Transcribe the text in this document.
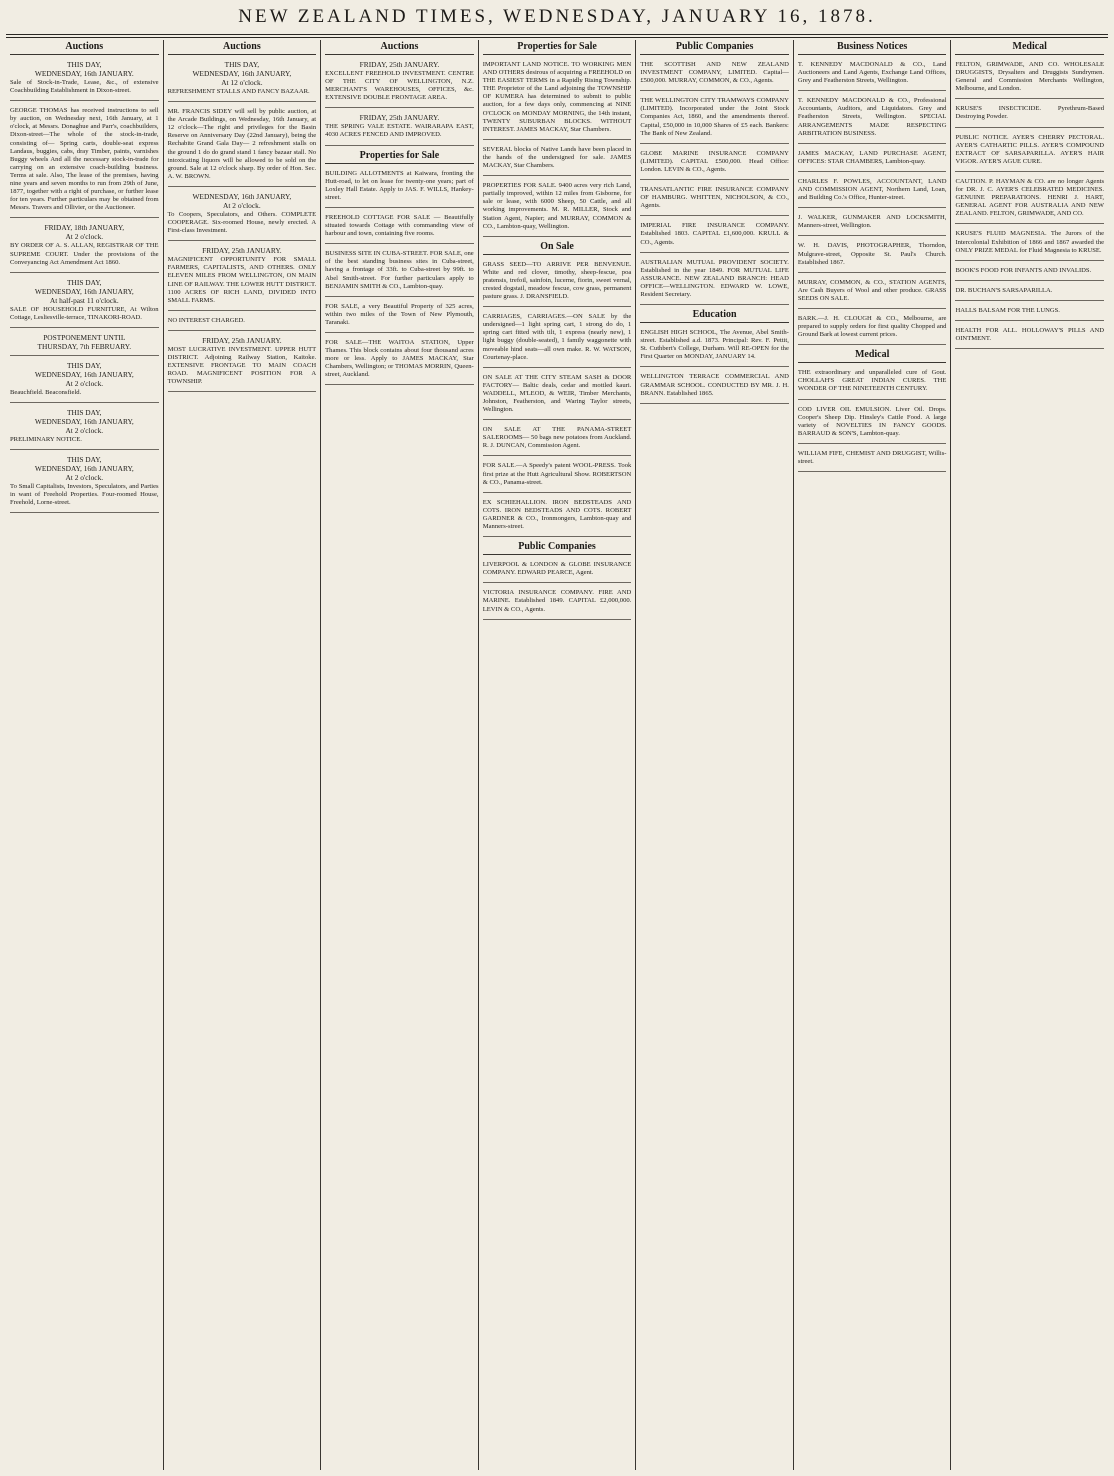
NEW ZEALAND TIMES, WEDNESDAY, JANUARY 16, 1878.
Auctions
THIS DAY,
WEDNESDAY, 16th JANUARY.
Sale of Stock-in-Trade, Lease, &c., of extensive Coachbuilding Establishment in Dixon-street.
GEORGE THOMAS has received instructions to sell by auction, on Wednesday next, 16th January, at 1 o'clock, at Messrs. Donaghue and Parr's, coachbuilders, Dixon-street—The whole of the stock-in-trade, consisting of— Spring carts, double-seat express Landaus, buggies, cabs, dray Timber, paints, varnishes Buggy wheels And all the necessary stock-in-trade for carrying on an extensive coach-building business. Terms at sale. Also, The lease of the premises, having nine years and seven months to run from 29th of June, 1877, together with a right of purchase, or further lease for ten years. Further particulars may be obtained from Messrs. Travers and Ollivier, or the Auctioneer.
FRIDAY, 18th JANUARY,
At 2 o'clock.
BY ORDER OF A. S. ALLAN, REGISTRAR OF THE SUPREME COURT. Under the provisions of the Conveyancing Act Amendment Act 1860.
THIS DAY,
WEDNESDAY, 16th JANUARY,
At half-past 11 o'clock.
SALE OF HOUSEHOLD FURNITURE, At Wilton Cottage, Lesliesville-terrace, TINAKORI-ROAD.
POSTPONEMENT UNTIL
THURSDAY, 7th FEBRUARY.
THIS DAY,
WEDNESDAY, 16th JANUARY,
At 2 o'clock.
Beauchfield. Beaconsfield.
THIS DAY,
WEDNESDAY, 16th JANUARY,
At 2 o'clock.
PRELIMINARY NOTICE.
THIS DAY,
WEDNESDAY, 16th JANUARY,
At 2 o'clock.
To Small Capitalists, Investors, Speculators, and Parties in want of Freehold Properties. Four-roomed House, Freehold, Lorne-street.
Auctions
THIS DAY,
WEDNESDAY, 16th JANUARY,
At 12 o'clock.
REFRESHMENT STALLS AND FANCY BAZAAR.
MR. FRANCIS SIDEY will sell by public auction, at the Arcade Buildings, on Wednesday, 16th January, at 12 o'clock—The right and privileges for the Basin Reserve on Anniversary Day (22nd January), being the Rechabite Grand Gala Day— 2 refreshment stalls on the ground 1 do do grand stand 1 fancy bazaar stall. No intoxicating liquors will be allowed to be sold on the ground. Sale at 12 o'clock sharp. By order of Hon. Sec. A. W. BROWN.
WEDNESDAY, 16th JANUARY,
At 2 o'clock.
To Coopers, Speculators, and Others. COMPLETE COOPERAGE. Six-roomed House, newly erected. A First-class Investment.
FRIDAY, 25th JANUARY.
MAGNIFICENT OPPORTUNITY FOR SMALL FARMERS, CAPITALISTS, AND OTHERS. ONLY ELEVEN MILES FROM WELLINGTON, ON MAIN LINE OF RAILWAY. THE LOWER HUTT DISTRICT. 1100 ACRES OF RICH LAND, DIVIDED INTO SMALL FARMS.
NO INTEREST CHARGED.
FRIDAY, 25th JANUARY.
MOST LUCRATIVE INVESTMENT. UPPER HUTT DISTRICT. Adjoining Railway Station, Kaitoke. EXTENSIVE FRONTAGE TO MAIN COACH ROAD. MAGNIFICENT POSITION FOR A TOWNSHIP.
Auctions
FRIDAY, 25th JANUARY.
EXCELLENT FREEHOLD INVESTMENT. CENTRE OF THE CITY OF WELLINGTON, N.Z. MERCHANT'S WAREHOUSES, OFFICES, &c. EXTENSIVE DOUBLE FRONTAGE AREA.
FRIDAY, 25th JANUARY.
THE SPRING VALE ESTATE. WAIRARAPA EAST, 4030 ACRES FENCED AND IMPROVED.
Properties for Sale
BUILDING ALLOTMENTS at Kaiwara, fronting the Hutt-road, to let on lease for twenty-one years; part of Loxley Hall Estate. Apply to JAS. F. WILLS, Hankey-street.
FREEHOLD COTTAGE FOR SALE — Beautifully situated towards Cottage with commanding view of harbour and town, containing five rooms.
BUSINESS SITE IN CUBA-STREET. FOR SALE, one of the best standing business sites in Cuba-street, having a frontage of 33ft. to Cuba-street by 99ft. to Abel Smith-street. For further particulars apply to BENJAMIN SMITH & CO., Lambton-quay.
FOR SALE, a very Beautiful Property of 325 acres, within two miles of the Town of New Plymouth, Taranaki.
FOR SALE—THE WAITOA STATION, Upper Thames. This block contains about four thousand acres more or less. Apply to JAMES MACKAY, Star Chambers, Wellington; or THOMAS MORRIN, Queen-street, Auckland.
Properties for Sale
IMPORTANT LAND NOTICE. TO WORKING MEN AND OTHERS desirous of acquiring a FREEHOLD on THE EASIEST TERMS in a Rapidly Rising Township. THE Proprietor of the Land adjoining the TOWNSHIP OF KUMERA has determined to submit to public auction, for a few days only, commencing at NINE O'CLOCK on MONDAY MORNING, the 14th instant, TWENTY SUBURBAN BLOCKS. WITHOUT INTEREST. JAMES MACKAY, Star Chambers.
SEVERAL blocks of Native Lands have been placed in the hands of the undersigned for sale. JAMES MACKAY, Star Chambers.
PROPERTIES FOR SALE. 9400 acres very rich Land, partially improved, within 12 miles from Gisborne, for sale or lease, with 6000 Sheep, 50 Cattle, and all working improvements. M. R. MILLER, Stock and Station Agent, Napier; and MURRAY, COMMON & CO., Lambton-quay, Wellington.
On Sale
GRASS SEED—TO ARRIVE PER BENVENUE. White and red clover, timothy, sheep-fescue, poa pratensis, trefoil, sainfoin, lucerne, fiorin, sweet vernal, crested dogstail, meadow fescue, cow grass, permanent pasture grass. J. DRANSFIELD.
CARRIAGES, CARRIAGES.—ON SALE by the undersigned—1 light spring cart, 1 strong do do, 1 spring cart fitted with tilt, 1 express (nearly new), 1 light buggy (double-seated), 1 family waggonette with moveable hind seats—all own make. R. W. WATSON, Courtenay-place.
ON SALE AT THE CITY STEAM SASH & DOOR FACTORY— Baltic deals, cedar and mottled kauri. WADDELL, M'LEOD, & WEIR, Timber Merchants, Johnston, Featherston, and Waring Taylor streets, Wellington.
ON SALE AT THE PANAMA-STREET SALEROOMS— 50 bags new potatoes from Auckland. R. J. DUNCAN, Commission Agent.
FOR SALE.—A Speedy's patent WOOL-PRESS. Took first prize at the Hutt Agricultural Show. ROBERTSON & CO., Panama-street.
EX SCHIEHALLION. IRON BEDSTEADS AND COTS. IRON BEDSTEADS AND COTS. ROBERT GARDNER & CO., Ironmongers, Lambton-quay and Manners-street.
Public Companies
LIVERPOOL & LONDON & GLOBE INSURANCE COMPANY. EDWARD PEARCE, Agent.
VICTORIA INSURANCE COMPANY. FIRE AND MARINE. Established 1849. CAPITAL £2,000,000. LEVIN & CO., Agents.
Public Companies
THE SCOTTISH AND NEW ZEALAND INVESTMENT COMPANY, LIMITED. Capital—£500,000. MURRAY, COMMON, & CO., Agents.
THE WELLINGTON CITY TRAMWAYS COMPANY (LIMITED). Incorporated under the Joint Stock Companies Act, 1860, and the amendments thereof. Capital, £50,000 in 10,000 Shares of £5 each. Bankers: The Bank of New Zealand.
GLOBE MARINE INSURANCE COMPANY (LIMITED). CAPITAL £500,000. Head Office: London. LEVIN & CO., Agents.
TRANSATLANTIC FIRE INSURANCE COMPANY OF HAMBURG. WHITTEN, NICHOLSON, & CO., Agents.
IMPERIAL FIRE INSURANCE COMPANY. Established 1803. CAPITAL £1,600,000. KRULL & CO., Agents.
AUSTRALIAN MUTUAL PROVIDENT SOCIETY. Established in the year 1849. FOR MUTUAL LIFE ASSURANCE. NEW ZEALAND BRANCH: HEAD OFFICE—WELLINGTON. EDWARD W. LOWE, Resident Secretary.
Education
ENGLISH HIGH SCHOOL, The Avenue, Abel Smith-street. Established a.d. 1873. Principal: Rev. F. Pettit, St. Cuthbert's College, Durham. Will RE-OPEN for the First Quarter on MONDAY, JANUARY 14.
WELLINGTON TERRACE COMMERCIAL AND GRAMMAR SCHOOL. CONDUCTED BY MR. J. H. BRANN. Established 1865.
Business Notices
T. KENNEDY MACDONALD & CO., Land Auctioneers and Land Agents, Exchange Land Offices, Grey and Featherston Streets, Wellington.
T. KENNEDY MACDONALD & CO., Professional Accountants, Auditors, and Liquidators. Grey and Featherston Streets, Wellington. SPECIAL ARRANGEMENTS MADE RESPECTING ARBITRATION BUSINESS.
JAMES MACKAY, LAND PURCHASE AGENT, OFFICES: STAR CHAMBERS, Lambton-quay.
CHARLES F. POWLES, ACCOUNTANT, LAND AND COMMISSION AGENT, Northern Land, Loan, and Building Co.'s Office, Hunter-street.
J. WALKER, GUNMAKER AND LOCKSMITH, Manners-street, Wellington.
W. H. DAVIS, PHOTOGRAPHER, Thorndon, Mulgrave-street, Opposite St. Paul's Church. Established 1867.
MURRAY, COMMON, & CO., STATION AGENTS, Are Cash Buyers of Wool and other produce. GRASS SEEDS ON SALE.
BARK.—J. H. CLOUGH & CO., Melbourne, are prepared to supply orders for first quality Chopped and Ground Bark at lowest current prices.
Medical
THE extraordinary and unparalleled cure of Gout. CHOLLAH'S GREAT INDIAN CURES. THE WONDER OF THE NINETEENTH CENTURY.
COD LIVER OIL EMULSION. Liver Oil. Drops. Cooper's Sheep Dip. Hinsley's Cattle Food. A large variety of NOVELTIES IN FANCY GOODS. BARRAUD & SON'S, Lambton-quay.
WILLIAM FIFE, CHEMIST AND DRUGGIST, Willis-street.
Medical
FELTON, GRIMWADE, AND CO. WHOLESALE DRUGGISTS, Drysalters and Druggists Sundrymen. General and Commission Merchants Wellington, Melbourne, and London.
KRUSE'S INSECTICIDE. Pyrethrum-Based Destroying Powder.
PUBLIC NOTICE. AYER'S CHERRY PECTORAL. AYER'S CATHARTIC PILLS. AYER'S COMPOUND EXTRACT OF SARSAPARILLA. AYER'S HAIR VIGOR. AYER'S AGUE CURE.
CAUTION. P. HAYMAN & CO. are no longer Agents for DR. J. C. AYER'S CELEBRATED MEDICINES. GENUINE PREPARATIONS. HENRI J. HART, GENERAL AGENT FOR AUSTRALIA AND NEW ZEALAND. FELTON, GRIMWADE, AND CO.
KRUSE'S FLUID MAGNESIA. The Jurors of the Intercolonial Exhibition of 1866 and 1867 awarded the ONLY PRIZE MEDAL for Fluid Magnesia to KRUSE.
BOOK'S FOOD FOR INFANTS AND INVALIDS.
DR. BUCHAN'S SARSAPARILLA.
HALLS BALSAM FOR THE LUNGS.
HEALTH FOR ALL. HOLLOWAY'S PILLS AND OINTMENT.
